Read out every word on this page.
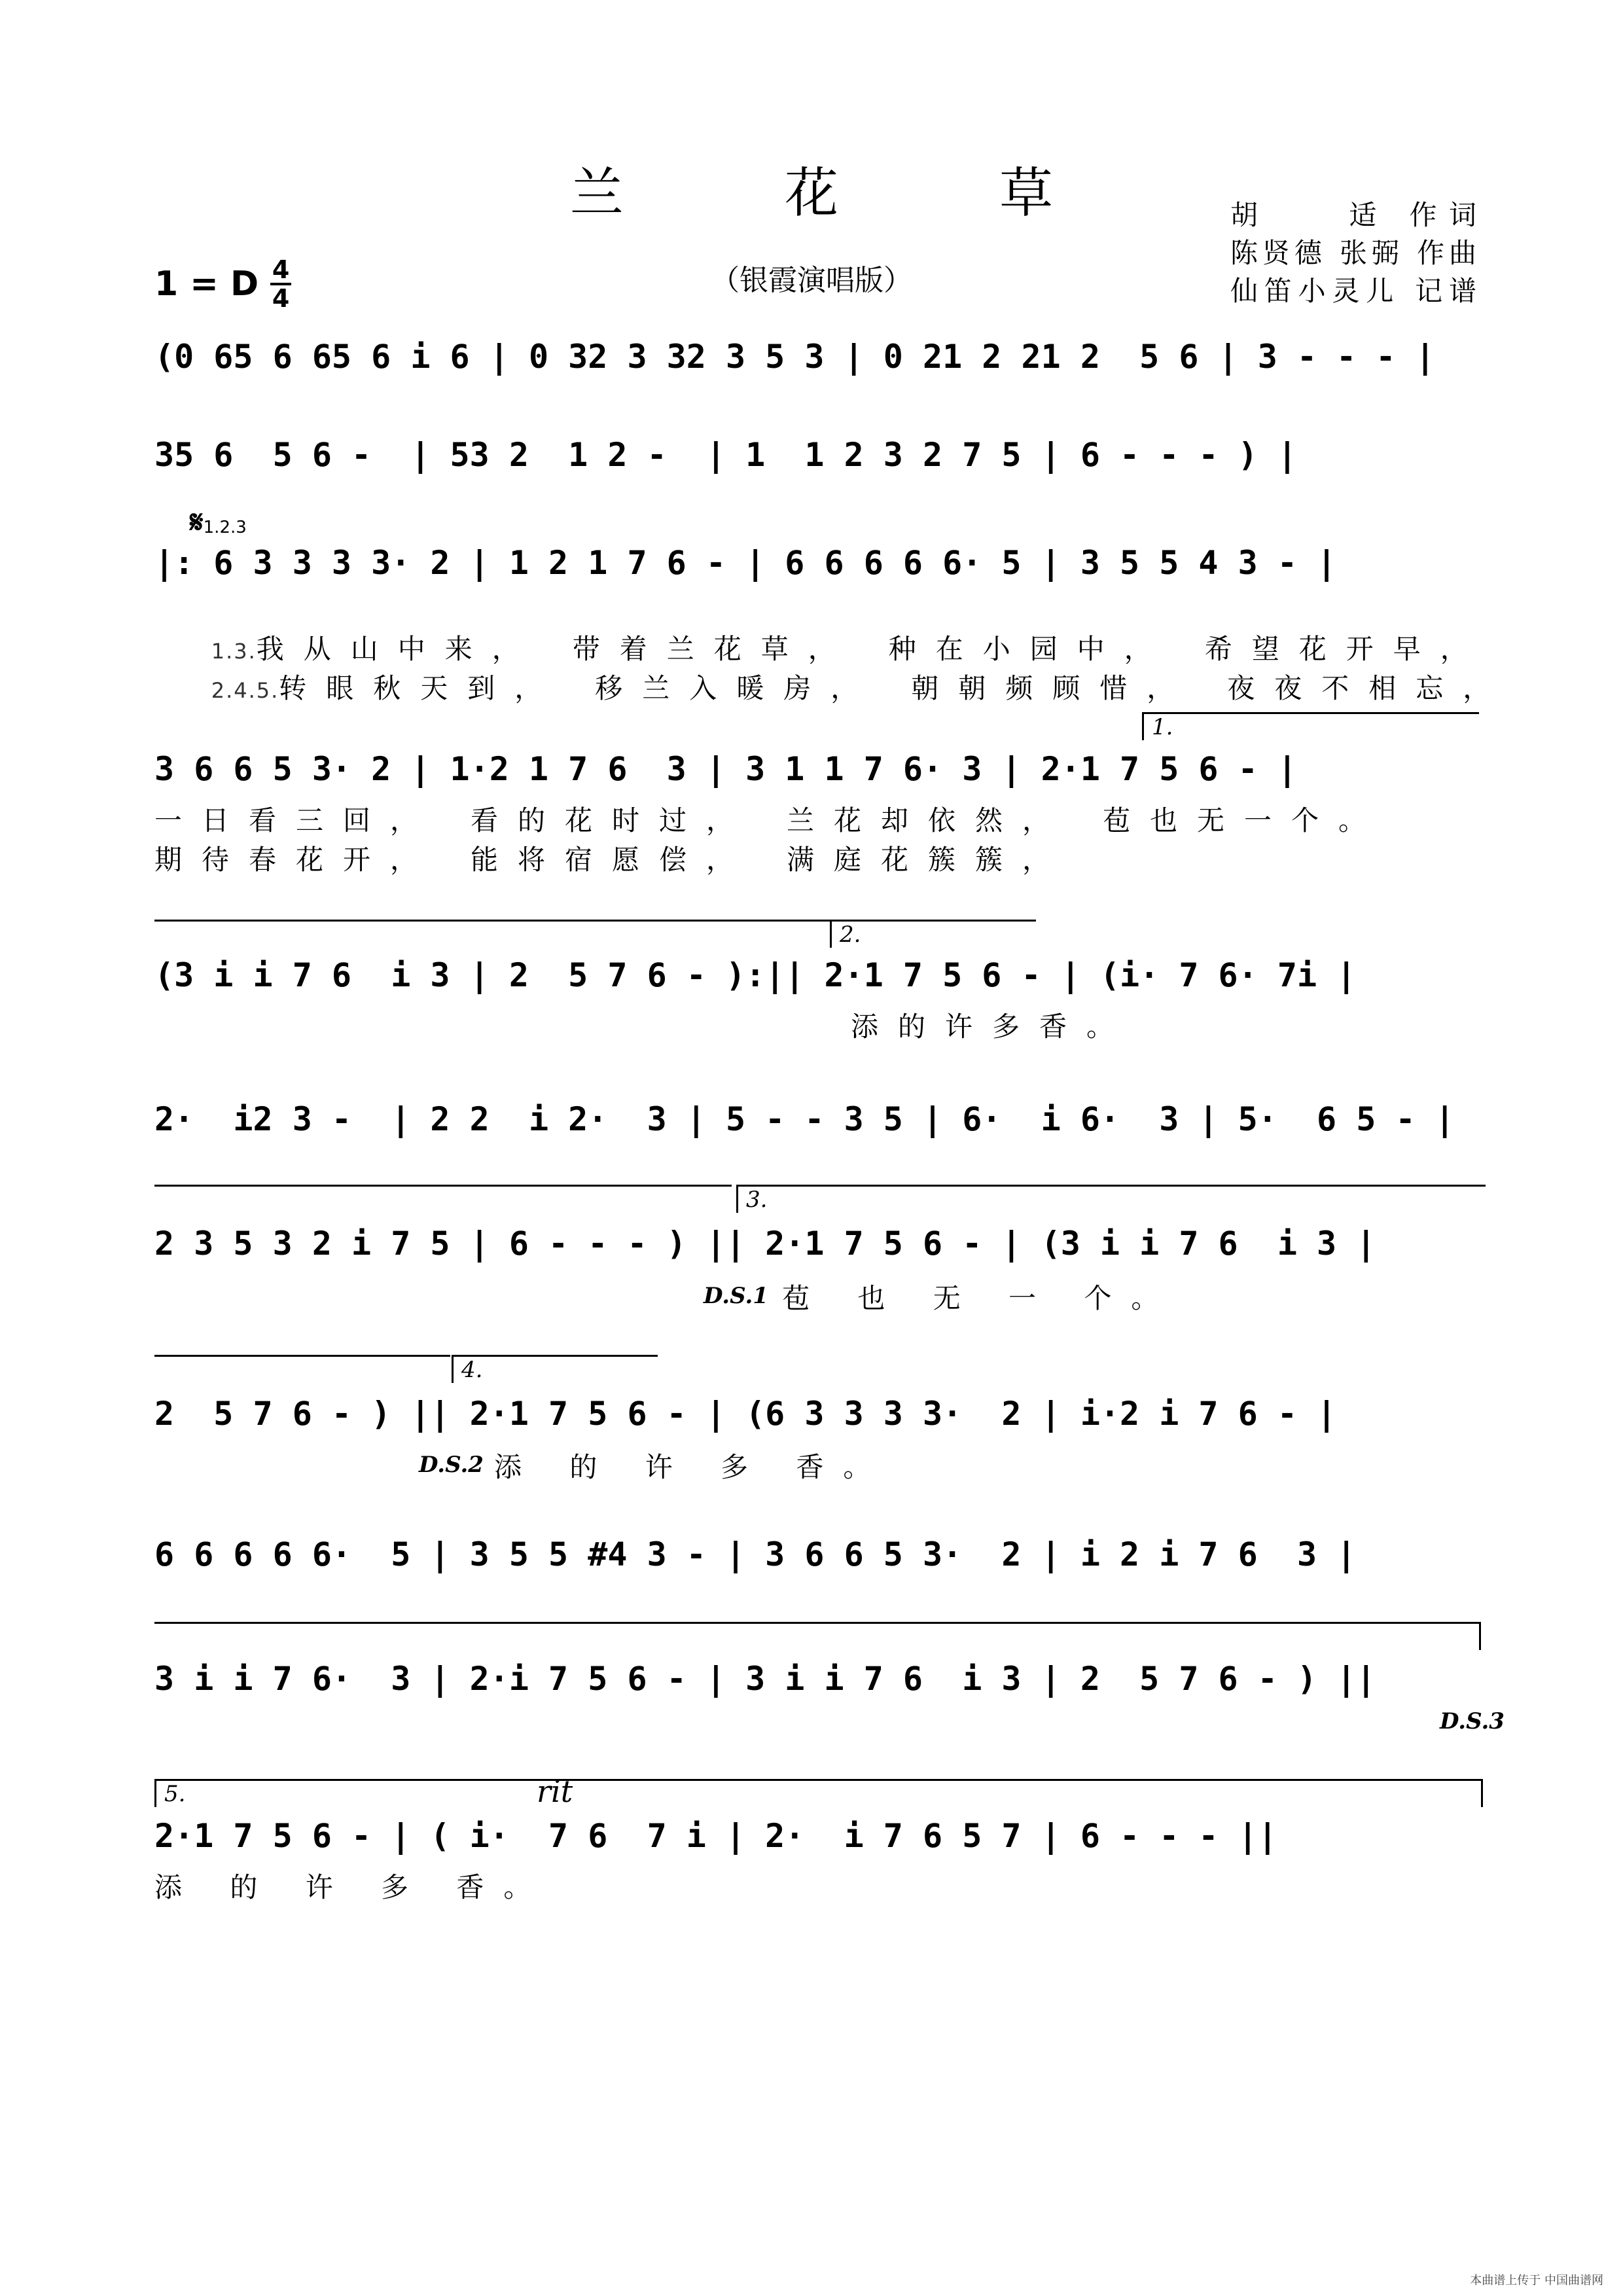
兰 花 草
（银霞演唱版）
1 = D 4
4
胡　　适 作词
陈贤德 张弼 作曲
仙笛小灵儿 记谱
(0 65 6 65 6 i 6 | 0 32 3 32 3 5 3 | 0 21 2 21 2  5 6 | 3 - - - |
35 6  5 6 -  | 53 2  1 2 -  | 1  1 2 3 2 7 5 | 6 - - - ) |
𝄋1.2.3
|: 6 3 3 3 3· 2 | 1 2 1 7 6 - | 6 6 6 6 6· 5 | 3 5 5 4 3 - |

1.3.我从山中来，　带着兰花草，　种在小园中，　希望花开早，

2.4.5.转眼秋天到，　移兰入暖房，　朝朝频顾惜，　夜夜不相忘，

1.
3 6 6 5 3· 2 | 1·2 1 7 6  3 | 3 1 1 7 6· 3 | 2·1 7 5 6 - |
一日看三回，　看的花时过，　兰花却依然，　苞也无一个。
期待春花开，　能将宿愿偿，　满庭花簇簇，
2.
(3 i i 7 6  i 3 | 2  5 7 6 - ):|| 2·1 7 5 6 - | (i· 7 6· 7i |
添的许多香。
2·  i2 3 -  | 2 2  i 2·  3 | 5 - - 3 5 | 6·  i 6·  3 | 5·  6 5 - |
3.
2 3 5 3 2 i 7 5 | 6 - - - ) || 2·1 7 5 6 - | (3 i i 7 6  i 3 |
D.S.1 苞 也 无 一 个。
4.
2  5 7 6 - ) || 2·1 7 5 6 - | (6 3 3 3 3·  2 | i·2 i 7 6 - |
D.S.2 添 的 许 多 香。
6 6 6 6 6·  5 | 3 5 5 #4 3 - | 3 6 6 5 3·  2 | i 2 i 7 6  3 |
3 i i 7 6·  3 | 2·i 7 5 6 - | 3 i i 7 6  i 3 | 2  5 7 6 - ) ||
D.S.3
5.	rit
2·1 7 5 6 - | ( i·  7 6  7 i | 2·  i 7 6 5 7 | 6 - - - ||
添 的 许 多 香。
本曲谱上传于 中国曲谱网
